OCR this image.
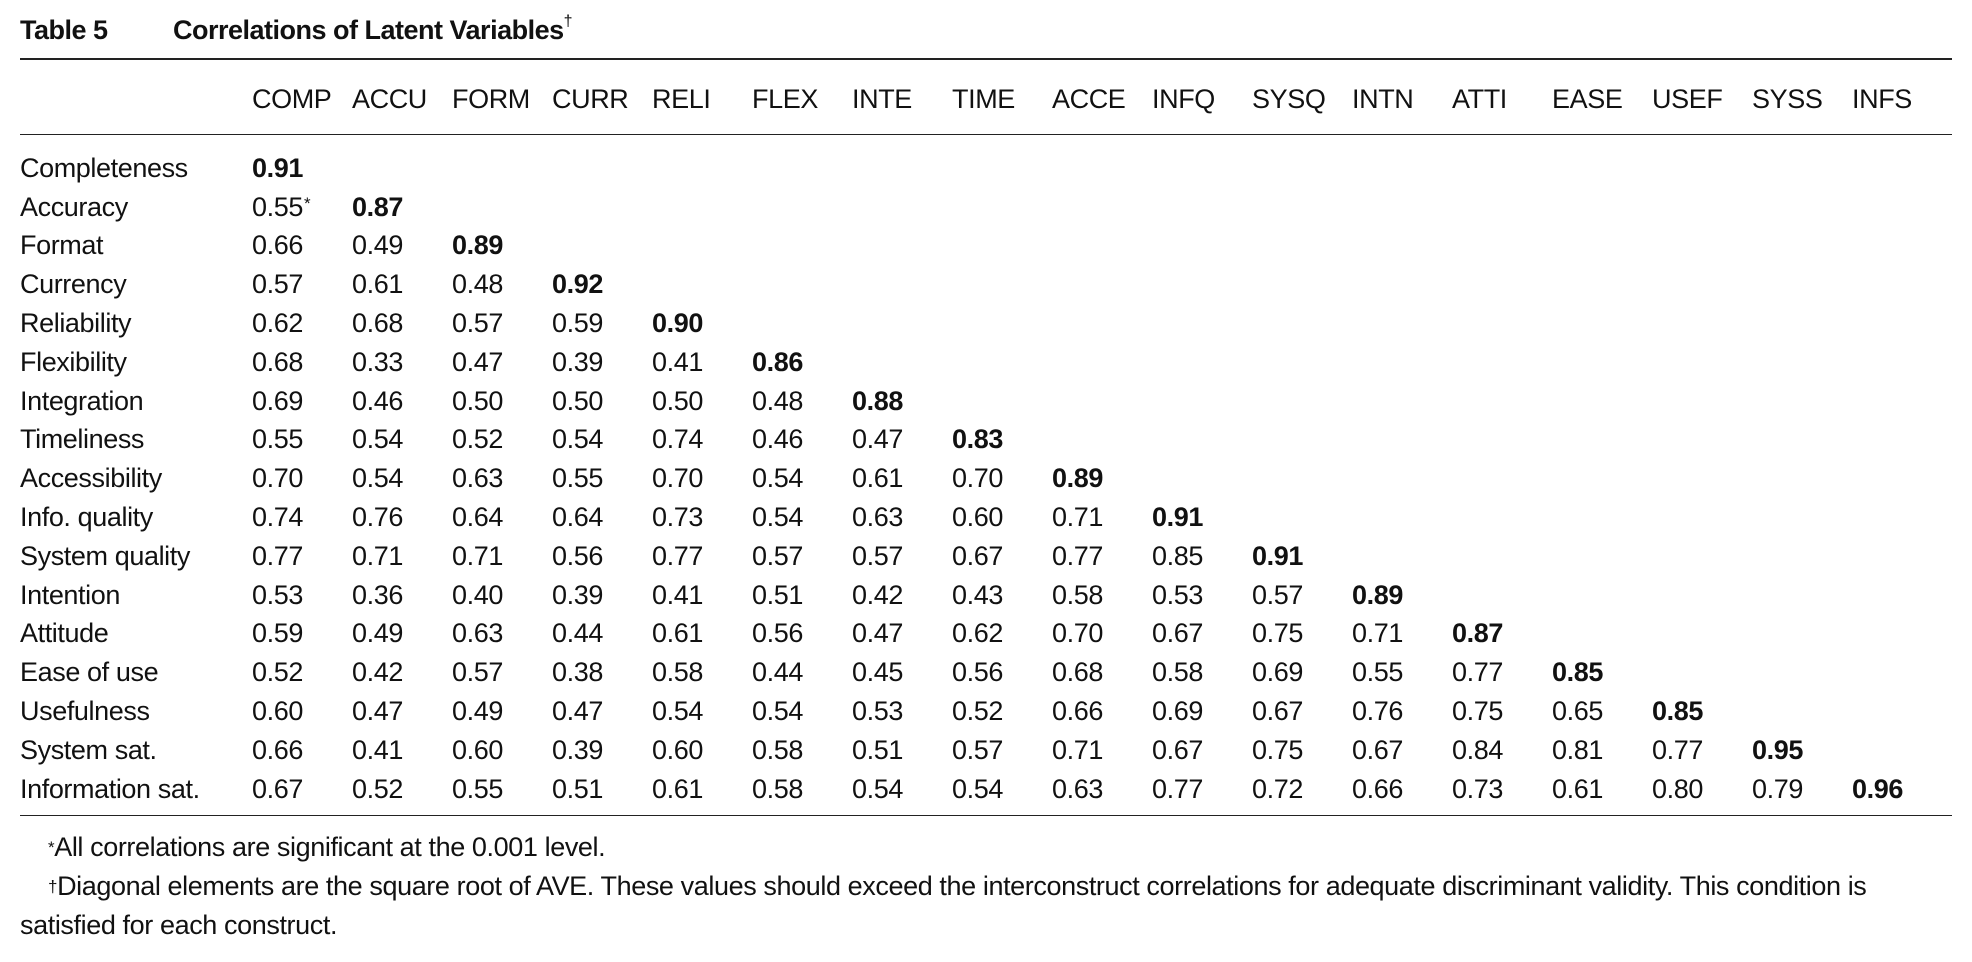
Table 5	Correlations of Latent Variables†
	COMP	ACCU	FORM	CURR	RELI	FLEX	INTE	TIME	ACCE	INFQ	SYSQ	INTN	ATTI	EASE	USEF	SYSS	INFS

Completeness	0.91																
Accuracy	0.55*	0.87															
Format	0.66	0.49	0.89														
Currency	0.57	0.61	0.48	0.92													
Reliability	0.62	0.68	0.57	0.59	0.90												
Flexibility	0.68	0.33	0.47	0.39	0.41	0.86											
Integration	0.69	0.46	0.50	0.50	0.50	0.48	0.88										
Timeliness	0.55	0.54	0.52	0.54	0.74	0.46	0.47	0.83									
Accessibility	0.70	0.54	0.63	0.55	0.70	0.54	0.61	0.70	0.89								
Info. quality	0.74	0.76	0.64	0.64	0.73	0.54	0.63	0.60	0.71	0.91							
System quality	0.77	0.71	0.71	0.56	0.77	0.57	0.57	0.67	0.77	0.85	0.91						
Intention	0.53	0.36	0.40	0.39	0.41	0.51	0.42	0.43	0.58	0.53	0.57	0.89					
Attitude	0.59	0.49	0.63	0.44	0.61	0.56	0.47	0.62	0.70	0.67	0.75	0.71	0.87				
Ease of use	0.52	0.42	0.57	0.38	0.58	0.44	0.45	0.56	0.68	0.58	0.69	0.55	0.77	0.85			
Usefulness	0.60	0.47	0.49	0.47	0.54	0.54	0.53	0.52	0.66	0.69	0.67	0.76	0.75	0.65	0.85		
System sat.	0.66	0.41	0.60	0.39	0.60	0.58	0.51	0.57	0.71	0.67	0.75	0.67	0.84	0.81	0.77	0.95	
Information sat.	0.67	0.52	0.55	0.51	0.61	0.58	0.54	0.54	0.63	0.77	0.72	0.66	0.73	0.61	0.80	0.79	0.96

*All correlations are significant at the 0.001 level.

†Diagonal elements are the square root of AVE. These values should exceed the interconstruct correlations for adequate discriminant validity. This condition is satisfied for each construct.
